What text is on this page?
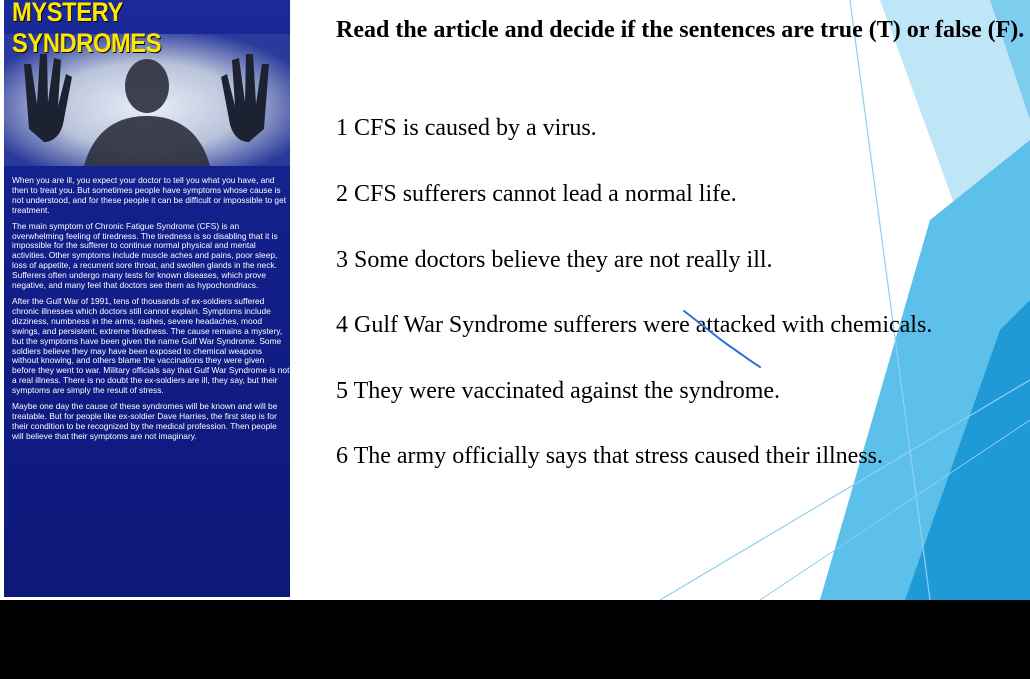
MYSTERY SYNDROMES

When you are ill, you expect your doctor to tell you what you have, and then to treat you. But sometimes people have symptoms whose cause is not understood, and for these people it can be difficult or impossible to get treatment.

The main symptom of Chronic Fatigue Syndrome (CFS) is an overwhelming feeling of tiredness. The tiredness is so disabling that it is impossible for the sufferer to continue normal physical and mental activities. Other symptoms include muscle aches and pains, poor sleep, loss of appetite, a recurrent sore throat, and swollen glands in the neck. Sufferers often undergo many tests for known diseases, which prove negative, and many feel that doctors see them as hypochondriacs.

After the Gulf War of 1991, tens of thousands of ex-soldiers suffered chronic illnesses which doctors still cannot explain. Symptoms include dizziness, numbness in the arms, rashes, severe headaches, mood swings, and persistent, extreme tiredness. The cause remains a mystery, but the symptoms have been given the name Gulf War Syndrome. Some soldiers believe they may have been exposed to chemical weapons without knowing, and others blame the vaccinations they were given before they went to war. Military officials say that Gulf War Syndrome is not a real illness. There is no doubt the ex-soldiers are ill, they say, but their symptoms are simply the result of stress.

Maybe one day the cause of these syndromes will be known and will be treatable. But for people like ex-soldier Dave Harries, the first step is for their condition to be recognized by the medical profession. Then people will believe that their symptoms are not imaginary.

Read the article and decide if the sentences are true (T) or false (F).
1 CFS is caused by a virus.
2 CFS sufferers cannot lead a normal life.
3 Some doctors believe they are not really ill.
4 Gulf War Syndrome sufferers were attacked with chemicals.
5 They were vaccinated against the syndrome.
6 The army officially says that stress caused their illness.
